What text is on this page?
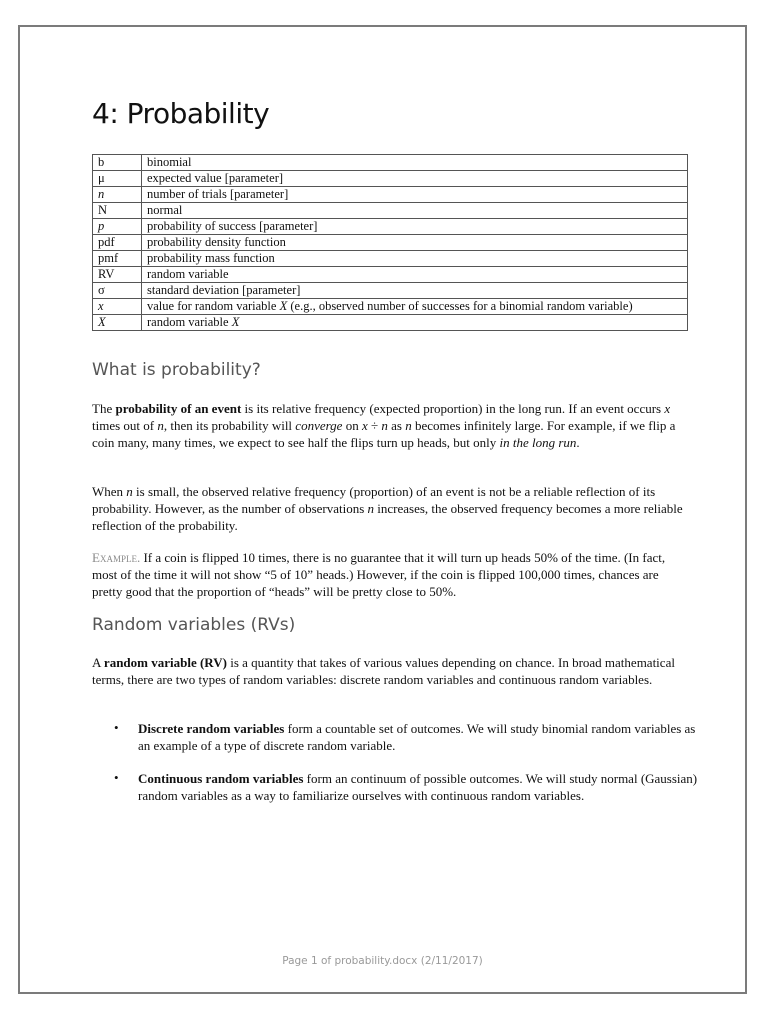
4: Probability
b	binomial
μ	expected value [parameter]
n	number of trials [parameter]
N	normal
p	probability of success [parameter]
pdf	probability density function
pmf	probability mass function
RV	random variable
σ	standard deviation [parameter]
x	value for random variable X (e.g., observed number of successes for a binomial random variable)
X	random variable X
What is probability?

The probability of an event is its relative frequency (expected proportion) in the long run. If an event occurs x times out of n, then its probability will converge on x ÷ n as n becomes infinitely large. For example, if we flip a coin many, many times, we expect to see half the flips turn up heads, but only in the long run.

When n is small, the observed relative frequency (proportion) of an event is not be a reliable reflection of its probability. However, as the number of observations n increases, the observed frequency becomes a more reliable reflection of the probability.

Example. If a coin is flipped 10 times, there is no guarantee that it will turn up heads 50% of the time. (In fact, most of the time it will not show “5 of 10” heads.) However, if the coin is flipped 100,000 times, chances are pretty good that the proportion of “heads” will be pretty close to 50%.

Random variables (RVs)

A random variable (RV) is a quantity that takes of various values depending on chance. In broad mathematical terms, there are two types of random variables: discrete random variables and continuous random variables.

• Discrete random variables form a countable set of outcomes. We will study binomial random variables as an example of a type of discrete random variable.

• Continuous random variables form an continuum of possible outcomes. We will study normal (Gaussian) random variables as a way to familiarize ourselves with continuous random variables.

Page 1 of probability.docx (2/11/2017)
